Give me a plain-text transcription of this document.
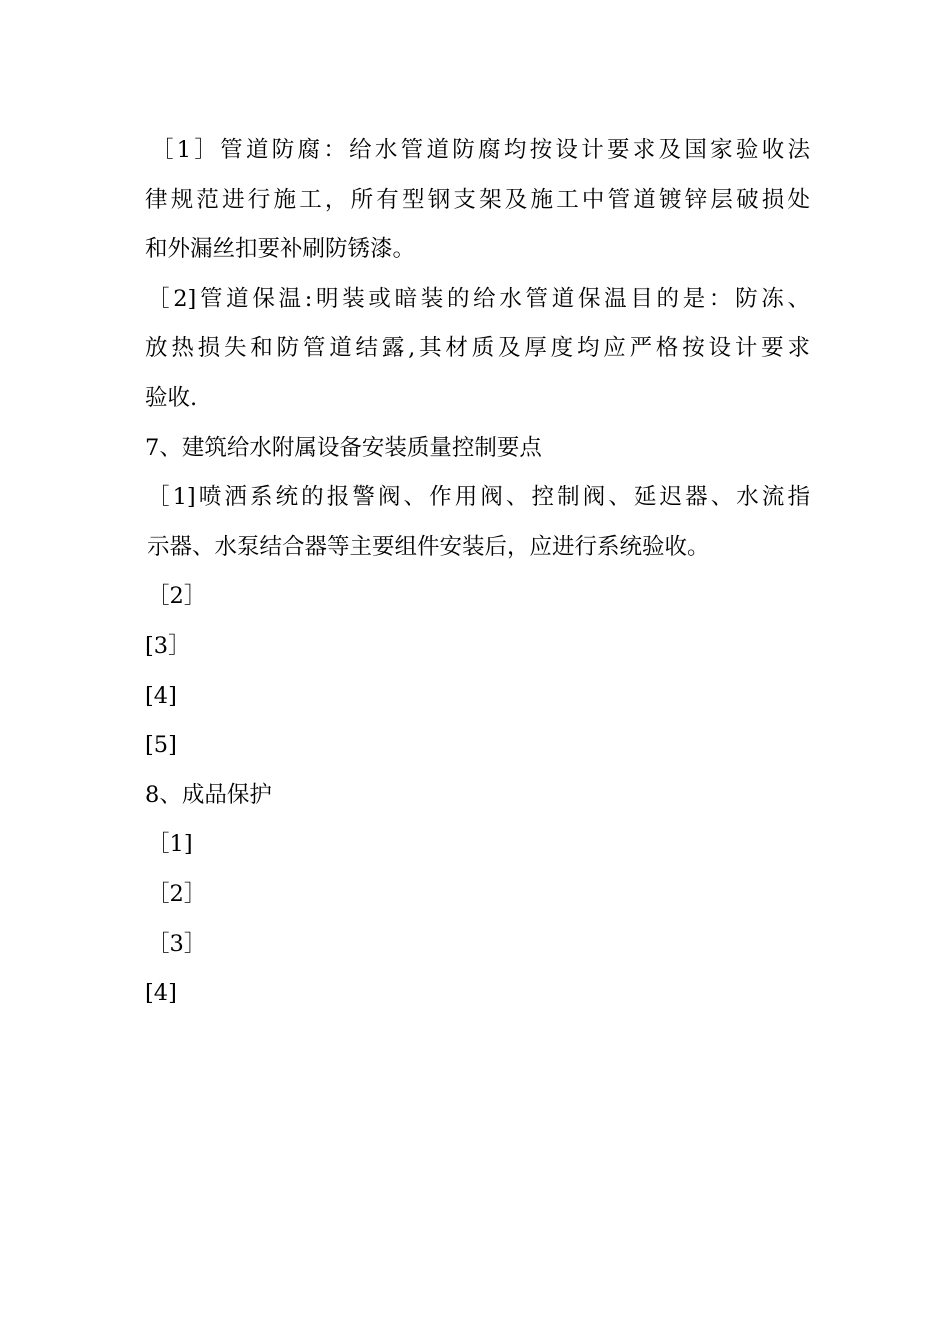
［1］管道防腐：给水管道防腐均按设计要求及国家验收法
律规范进行施工，所有型钢支架及施工中管道镀锌层破损处
和外漏丝扣要补刷防锈漆。
［2]管道保温:明装或暗装的给水管道保温目的是：防冻、
放热损失和防管道结露,其材质及厚度均应严格按设计要求
验收.
7、建筑给水附属设备安装质量控制要点
［1]喷洒系统的报警阀、作用阀、控制阀、延迟器、水流指
示器、水泵结合器等主要组件安装后，应进行系统验收。
［2］
[3］
[4]
[5]
8、成品保护
［1]
［2］
［3］
[4]
